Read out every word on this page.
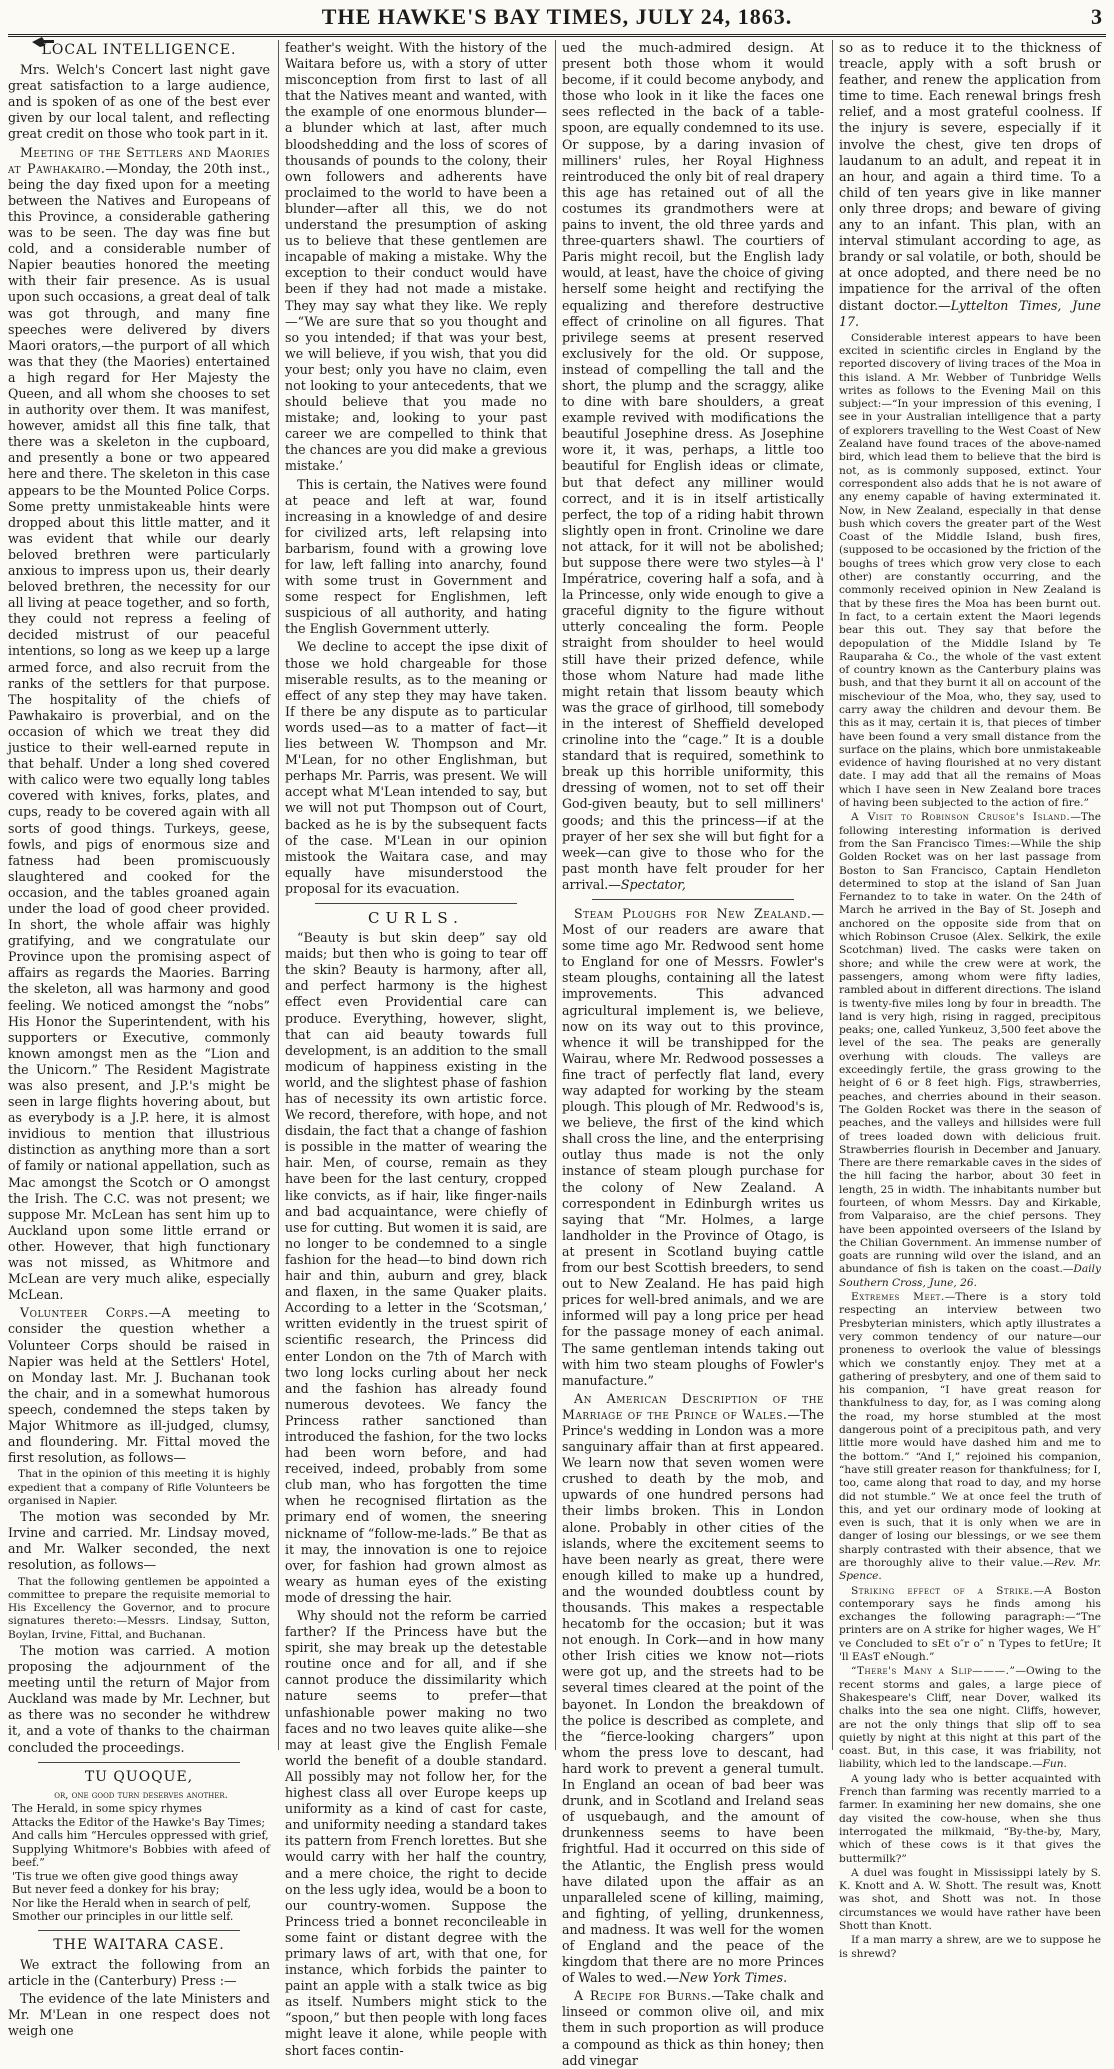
THE HAWKE'S BAY TIMES, JULY 24, 1863.	3
LOCAL INTELLIGENCE.

Mrs. Welch's Concert last night gave great satisfaction to a large audience, and is spoken of as one of the best ever given by our local talent, and reflecting great credit on those who took part in it.

Meeting of the Settlers and Maories at Pawhakairo.—Monday, the 20th inst., being the day fixed upon for a meeting between the Natives and Europeans of this Province, a considerable gathering was to be seen. The day was fine but cold, and a considerable number of Napier beauties honored the meeting with their fair presence. As is usual upon such occasions, a great deal of talk was got through, and many fine speeches were delivered by divers Maori orators,—the purport of all which was that they (the Maories) entertained a high regard for Her Majesty the Queen, and all whom she chooses to set in authority over them. It was manifest, however, amidst all this fine talk, that there was a skeleton in the cupboard, and presently a bone or two appeared here and there. The skeleton in this case appears to be the Mounted Police Corps. Some pretty unmistakeable hints were dropped about this little matter, and it was evident that while our dearly beloved brethren were particularly anxious to impress upon us, their dearly beloved brethren, the necessity for our all living at peace together, and so forth, they could not repress a feeling of decided mistrust of our peaceful intentions, so long as we keep up a large armed force, and also recruit from the ranks of the settlers for that purpose. The hospitality of the chiefs of Pawhakairo is proverbial, and on the occasion of which we treat they did justice to their well-earned repute in that behalf. Under a long shed covered with calico were two equally long tables covered with knives, forks, plates, and cups, ready to be covered again with all sorts of good things. Turkeys, geese, fowls, and pigs of enormous size and fatness had been promiscuously slaughtered and cooked for the occasion, and the tables groaned again under the load of good cheer provided. In short, the whole affair was highly gratifying, and we congratulate our Province upon the promising aspect of affairs as regards the Maories. Barring the skeleton, all was harmony and good feeling. We noticed amongst the “nobs” His Honor the Superintendent, with his supporters or Executive, commonly known amongst men as the “Lion and the Unicorn.” The Resident Magistrate was also present, and J.P.'s might be seen in large flights hovering about, but as everybody is a J.P. here, it is almost invidious to mention that illustrious distinction as anything more than a sort of family or national appellation, such as Mac amongst the Scotch or O amongst the Irish. The C.C. was not present; we suppose Mr. McLean has sent him up to Auckland upon some little errand or other. However, that high functionary was not missed, as Whitmore and McLean are very much alike, especially McLean.

Volunteer Corps.—A meeting to consider the question whether a Volunteer Corps should be raised in Napier was held at the Settlers' Hotel, on Monday last. Mr. J. Buchanan took the chair, and in a somewhat humorous speech, condemned the steps taken by Major Whitmore as ill-judged, clumsy, and floundering. Mr. Fittal moved the first resolution, as follows—

That in the opinion of this meeting it is highly expedient that a company of Rifle Volunteers be organised in Napier.

The motion was seconded by Mr. Irvine and carried. Mr. Lindsay moved, and Mr. Walker seconded, the next resolution, as follows—

That the following gentlemen be appointed a committee to prepare the requisite memorial to His Excellency the Governor, and to procure signatures thereto:—Messrs. Lindsay, Sutton, Boylan, Irvine, Fittal, and Buchanan.

The motion was carried. A motion proposing the adjournment of the meeting until the return of Major from Auckland was made by Mr. Lechner, but as there was no seconder he withdrew it, and a vote of thanks to the chairman concluded the proceedings.

TU QUOQUE,
or, one good turn deserves another.
The Herald, in some spicy rhymes
Attacks the Editor of the Hawke's Bay Times;
And calls him “Hercules oppressed with grief,
Supplying Whitmore's Bobbies with afeed of beef.”
'Tis true we often give good things away
But never feed a donkey for his bray;
Nor like the Herald when in search of pelf,
Smother our principles in our little self.
THE WAITARA CASE.

We extract the following from an article in the (Canterbury) Press :—

The evidence of the late Ministers and Mr. M'Lean in one respect does not weigh one

feather's weight. With the history of the Waitara before us, with a story of utter misconception from first to last of all that the Natives meant and wanted, with the example of one enormous blunder—a blunder which at last, after much bloodshedding and the loss of scores of thousands of pounds to the colony, their own followers and adherents have proclaimed to the world to have been a blunder—after all this, we do not understand the presumption of asking us to believe that these gentlemen are incapable of making a mistake. Why the exception to their conduct would have been if they had not made a mistake. They may say what they like. We reply—“We are sure that so you thought and so you intended; if that was your best, we will believe, if you wish, that you did your best; only you have no claim, even not looking to your antecedents, that we should believe that you made no mistake; and, looking to your past career we are compelled to think that the chances are you did make a grevious mistake.’

This is certain, the Natives were found at peace and left at war, found increasing in a knowledge of and desire for civilized arts, left relapsing into barbarism, found with a growing love for law, left falling into anarchy, found with some trust in Government and some respect for Englishmen, left suspicious of all authority, and hating the English Government utterly.

We decline to accept the ipse dixit of those we hold chargeable for those miserable results, as to the meaning or effect of any step they may have taken. If there be any dispute as to particular words used—as to a matter of fact—it lies between W. Thompson and Mr. M'Lean, for no other Englishman, but perhaps Mr. Parris, was present. We will accept what M'Lean intended to say, but we will not put Thompson out of Court, backed as he is by the subsequent facts of the case. M'Lean in our opinion mistook the Waitara case, and may equally have misunderstood the proposal for its evacuation.

CURLS.

“Beauty is but skin deep” say old maids; but then who is going to tear off the skin? Beauty is harmony, after all, and perfect harmony is the highest effect even Providential care can produce. Everything, however, slight, that can aid beauty towards full development, is an addition to the small modicum of happiness existing in the world, and the slightest phase of fashion has of necessity its own artistic force. We record, therefore, with hope, and not disdain, the fact that a change of fashion is possible in the matter of wearing the hair. Men, of course, remain as they have been for the last century, cropped like convicts, as if hair, like finger-nails and bad acquaintance, were chiefly of use for cutting. But women it is said, are no longer to be condemned to a single fashion for the head—to bind down rich hair and thin, auburn and grey, black and flaxen, in the same Quaker plaits. According to a letter in the ‘Scotsman,’ written evidently in the truest spirit of scientific research, the Princess did enter London on the 7th of March with two long locks curling about her neck and the fashion has already found numerous devotees. We fancy the Princess rather sanctioned than introduced the fashion, for the two locks had been worn before, and had received, indeed, probably from some club man, who has forgotten the time when he recognised flirtation as the primary end of women, the sneering nickname of “follow-me-lads.” Be that as it may, the innovation is one to rejoice over, for fashion had grown almost as weary as human eyes of the existing mode of dressing the hair.

Why should not the reform be carried farther? If the Princess have but the spirit, she may break up the detestable routine once and for all, and if she cannot produce the dissimilarity which nature seems to prefer—that unfashionable power making no two faces and no two leaves quite alike—she may at least give the English Female world the benefit of a double standard. All possibly may not follow her, for the highest class all over Europe keeps up uniformity as a kind of cast for caste, and uniformity needing a standard takes its pattern from French lorettes. But she would carry with her half the country, and a mere choice, the right to decide on the less ugly idea, would be a boon to our country-women. Suppose the Princess tried a bonnet reconcileable in some faint or distant degree with the primary laws of art, with that one, for instance, which forbids the painter to paint an apple with a stalk twice as big as itself. Numbers might stick to the “spoon,” but then people with long faces might leave it alone, while people with short faces contin-

ued the much-admired design. At present both those whom it would become, if it could become anybody, and those who look in it like the faces one sees reflected in the back of a table-spoon, are equally condemned to its use. Or suppose, by a daring invasion of milliners' rules, her Royal Highness reintroduced the only bit of real drapery this age has retained out of all the costumes its grandmothers were at pains to invent, the old three yards and three-quarters shawl. The courtiers of Paris might recoil, but the English lady would, at least, have the choice of giving herself some height and rectifying the equalizing and therefore destructive effect of crinoline on all figures. That privilege seems at present reserved exclusively for the old. Or suppose, instead of compelling the tall and the short, the plump and the scraggy, alike to dine with bare shoulders, a great example revived with modifications the beautiful Josephine dress. As Josephine wore it, it was, perhaps, a little too beautiful for English ideas or climate, but that defect any milliner would correct, and it is in itself artistically perfect, the top of a riding habit thrown slightly open in front. Crinoline we dare not attack, for it will not be abolished; but suppose there were two styles—à l' Impératrice, covering half a sofa, and à la Princesse, only wide enough to give a graceful dignity to the figure without utterly concealing the form. People straight from shoulder to heel would still have their prized defence, while those whom Nature had made lithe might retain that lissom beauty which was the grace of girlhood, till somebody in the interest of Sheffield developed crinoline into the “cage.” It is a double standard that is required, somethink to break up this horrible uniformity, this dressing of women, not to set off their God-given beauty, but to sell milliners' goods; and this the princess—if at the prayer of her sex she will but fight for a week—can give to those who for the past month have felt prouder for her arrival.—Spectator,

Steam Ploughs for New Zealand.—Most of our readers are aware that some time ago Mr. Redwood sent home to England for one of Messrs. Fowler's steam ploughs, containing all the latest improvements. This advanced agricultural implement is, we believe, now on its way out to this province, whence it will be transhipped for the Wairau, where Mr. Redwood possesses a fine tract of perfectly flat land, every way adapted for working by the steam plough. This plough of Mr. Redwood's is, we believe, the first of the kind which shall cross the line, and the enterprising outlay thus made is not the only instance of steam plough purchase for the colony of New Zealand. A correspondent in Edinburgh writes us saying that “Mr. Holmes, a large landholder in the Province of Otago, is at present in Scotland buying cattle from our best Scottish breeders, to send out to New Zealand. He has paid high prices for well-bred animals, and we are informed will pay a long price per head for the passage money of each animal. The same gentleman intends taking out with him two steam ploughs of Fowler's manufacture.”

An American Description of the Marriage of the Prince of Wales.—The Prince's wedding in London was a more sanguinary affair than at first appeared. We learn now that seven women were crushed to death by the mob, and upwards of one hundred persons had their limbs broken. This in London alone. Probably in other cities of the islands, where the excitement seems to have been nearly as great, there were enough killed to make up a hundred, and the wounded doubtless count by thousands. This makes a respectable hecatomb for the occasion; but it was not enough. In Cork—and in how many other Irish cities we know not—riots were got up, and the streets had to be several times cleared at the point of the bayonet. In London the breakdown of the police is described as complete, and the “fierce-looking chargers” upon whom the press love to descant, had hard work to prevent a general tumult. In England an ocean of bad beer was drunk, and in Scotland and Ireland seas of usquebaugh, and the amount of drunkenness seems to have been frightful. Had it occurred on this side of the Atlantic, the English press would have dilated upon the affair as an unparalleled scene of killing, maiming, and fighting, of yelling, drunkenness, and madness. It was well for the women of England and the peace of the kingdom that there are no more Princes of Wales to wed.—New York Times.

A Recipe for Burns.—Take chalk and linseed or common olive oil, and mix them in such proportion as will produce a compound as thick as thin honey; then add vinegar

so as to reduce it to the thickness of treacle, apply with a soft brush or feather, and renew the application from time to time. Each renewal brings fresh relief, and a most grateful coolness. If the injury is severe, especially if it involve the chest, give ten drops of laudanum to an adult, and repeat it in an hour, and again a third time. To a child of ten years give in like manner only three drops; and beware of giving any to an infant. This plan, with an interval stimulant according to age, as brandy or sal volatile, or both, should be at once adopted, and there need be no impatience for the arrival of the often distant doctor.—Lyttelton Times, June 17.

Considerable interest appears to have been excited in scientific circles in England by the reported discovery of living traces of the Moa in this island. A Mr. Webber of Tunbridge Wells writes as follows to the Evening Mail on this subject:—“In your impression of this evening, I see in your Australian intelligence that a party of explorers travelling to the West Coast of New Zealand have found traces of the above-named bird, which lead them to believe that the bird is not, as is commonly supposed, extinct. Your correspondent also adds that he is not aware of any enemy capable of having exterminated it. Now, in New Zealand, especially in that dense bush which covers the greater part of the West Coast of the Middle Island, bush fires, (supposed to be occasioned by the friction of the boughs of trees which grow very close to each other) are constantly occurring, and the commonly received opinion in New Zealand is that by these fires the Moa has been burnt out. In fact, to a certain extent the Maori legends bear this out. They say that before the depopulation of the Middle Island by Te Rauparaha & Co., the whole of the vast extent of country known as the Canterbury plains was bush, and that they burnt it all on account of the mischeviour of the Moa, who, they say, used to carry away the children and devour them. Be this as it may, certain it is, that pieces of timber have been found a very small distance from the surface on the plains, which bore unmistakeable evidence of having flourished at no very distant date. I may add that all the remains of Moas which I have seen in New Zealand bore traces of having been subjected to the action of fire.”

A Visit to Robinson Crusoe's Island.—The following interesting information is derived from the San Francisco Times:—While the ship Golden Rocket was on her last passage from Boston to San Francisco, Captain Hendleton determined to stop at the island of San Juan Fernandez to to take in water. On the 24th of March he arrived in the Bay of St. Joseph and anchored on the opposite side from that on which Robinson Crusoe (Alex. Selkirk, the exile Scotchman) lived. The casks were taken on shore; and while the crew were at work, the passengers, among whom were fifty ladies, rambled about in different directions. The island is twenty-five miles long by four in breadth. The land is very high, rising in ragged, precipitous peaks; one, called Yunkeuz, 3,500 feet above the level of the sea. The peaks are generally overhung with clouds. The valleys are exceedingly fertile, the grass growing to the height of 6 or 8 feet high. Figs, strawberries, peaches, and cherries abound in their season. The Golden Rocket was there in the season of peaches, and the valleys and hillsides were full of trees loaded down with delicious fruit. Strawberries flourish in December and January. There are there remarkable caves in the sides of the hill facing the harbor, about 30 feet in length, 25 in width. The inhabitants number but fourteen, of whom Messrs. Day and Kirkable, from Valparaiso, are the chief persons. They have been appointed overseers of the Island by the Chilian Government. An immense number of goats are running wild over the island, and an abundance of fish is taken on the coast.—Daily Southern Cross, June, 26.

Extremes Meet.—There is a story told respecting an interview between two Presbyterian ministers, which aptly illustrates a very common tendency of our nature—our proneness to overlook the value of blessings which we constantly enjoy. They met at a gathering of presbytery, and one of them said to his companion, “I have great reason for thankfulness to day, for, as I was coming along the road, my horse stumbled at the most dangerous point of a precipitous path, and very little more would have dashed him and me to the bottom.” “And I,” rejoined his companion, “have still greater reason for thankfulness; for I, too, came along that road to day, and my horse did not stumble.” We at once feel the truth of this, and yet our ordinary mode of looking at even is such, that it is only when we are in danger of losing our blessings, or we see them sharply contrasted with their absence, that we are thoroughly alive to their value.—Rev. Mr. Spence.

Striking effect of a Strike.—A Boston contemporary says he finds among his exchanges the following paragraph:—“Tne printers are on A strike for higher wages, We H″ ve Concluded to sEt o″r o″ n Types to fetUre; It 'll EAsT eNough.”

“There's Many a Slip———.”—Owing to the recent storms and gales, a large piece of Shakespeare's Cliff, near Dover, walked its chalks into the sea one night. Cliffs, however, are not the only things that slip off to sea quietly by night at this night at this part of the coast. But, in this case, it was friability, not liability, which led to the landscape.—Fun.

A young lady who is better acquainted with French than farming was recently married to a farmer. In examining her new domains, she one day visited the cow-house, when she thus interrogated the milkmaid, “By-the-by, Mary, which of these cows is it that gives the buttermilk?”

A duel was fought in Mississippi lately by S. K. Knott and A. W. Shott. The result was, Knott was shot, and Shott was not. In those circumstances we would have rather have been Shott than Knott.

If a man marry a shrew, are we to suppose he is shrewd?
